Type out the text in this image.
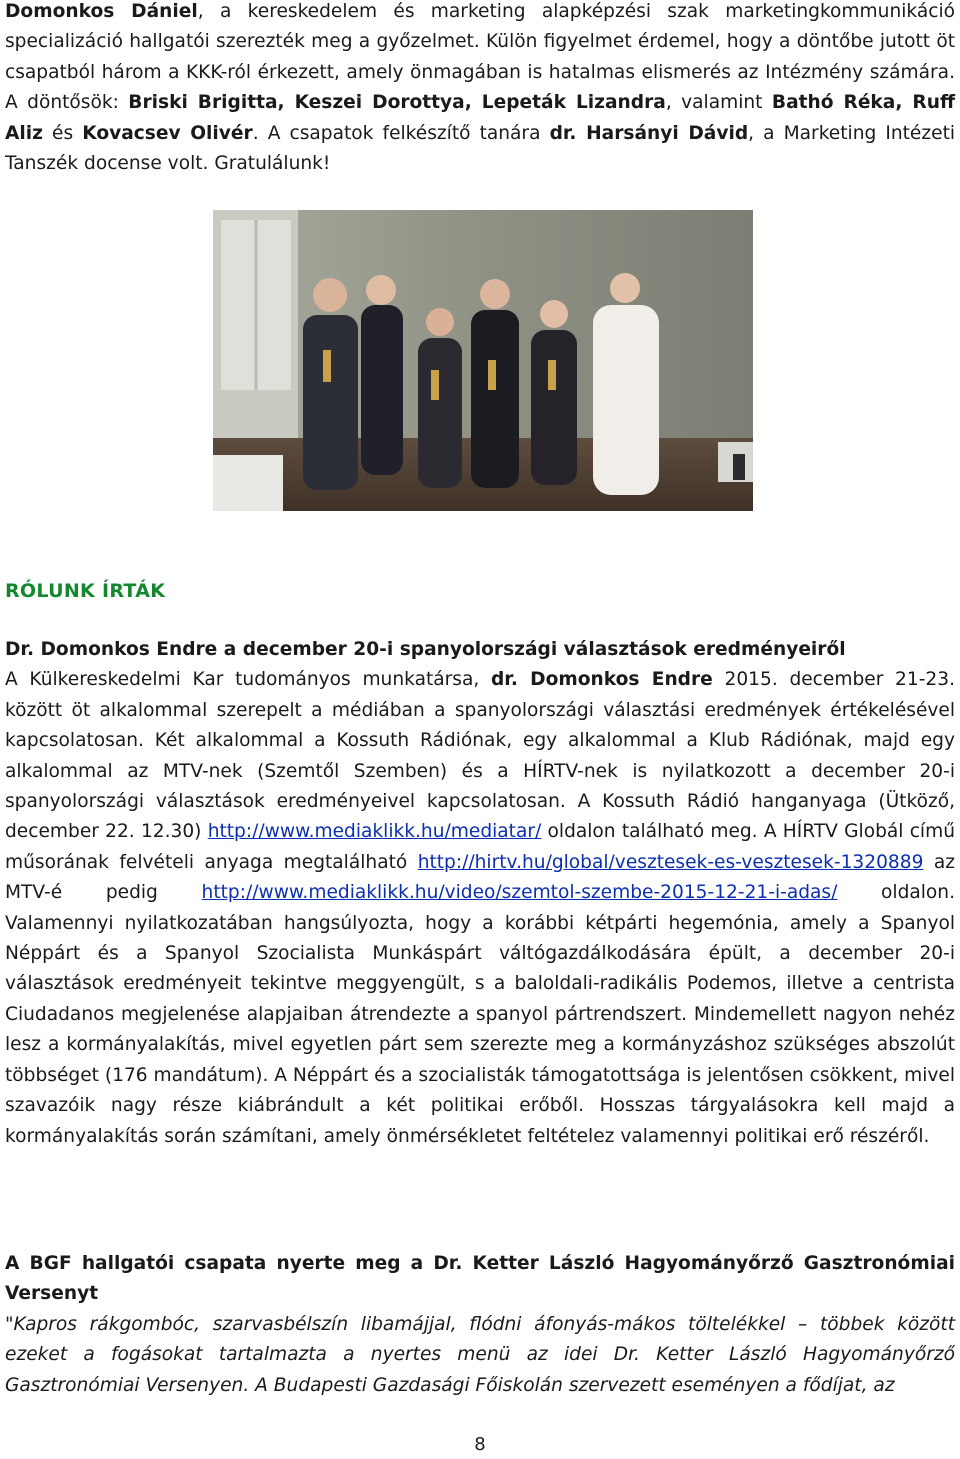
Domonkos Dániel, a kereskedelem és marketing alapképzési szak marketingkommunikáció specializáció hallgatói szerezték meg a győzelmet. Külön figyelmet érdemel, hogy a döntőbe jutott öt csapatból három a KKK-ról érkezett, amely önmagában is hatalmas elismerés az Intézmény számára. A döntősök: Briski Brigitta, Keszei Dorottya, Lepeták Lizandra, valamint Bathó Réka, Ruff Aliz és Kovacsev Olivér. A csapatok felkészítő tanára dr. Harsányi Dávid, a Marketing Intézeti Tanszék docense volt. Gratulálunk!

RÓLUNK ÍRTÁK

Dr. Domonkos Endre a december 20-i spanyolországi választások eredményeiről
A Külkereskedelmi Kar tudományos munkatársa, dr. Domonkos Endre 2015. december 21-23. között öt alkalommal szerepelt a médiában a spanyolországi választási eredmények értékelésével kapcsolatosan. Két alkalommal a Kossuth Rádiónak, egy alkalommal a Klub Rádiónak, majd egy alkalommal az MTV-nek (Szemtől Szemben) és a HÍRTV-nek is nyilatkozott a december 20-i spanyolországi választások eredményeivel kapcsolatosan. A Kossuth Rádió hanganyaga (Ütköző, december 22. 12.30) http://www.mediaklikk.hu/mediatar/ oldalon található meg. A HÍRTV Globál című műsorának felvételi anyaga megtalálható http://hirtv.hu/global/vesztesek-es-vesztesek-1320889 az MTV-é pedig http://www.mediaklikk.hu/video/szemtol-szembe-2015-12-21-i-adas/ oldalon. Valamennyi nyilatkozatában hangsúlyozta, hogy a korábbi kétpárti hegemónia, amely a Spanyol Néppárt és a Spanyol Szocialista Munkáspárt váltógazdálkodására épült, a december 20-i választások eredményeit tekintve meggyengült, s a baloldali-radikális Podemos, illetve a centrista Ciudadanos megjelenése alapjaiban átrendezte a spanyol pártrendszert. Mindemellett nagyon nehéz lesz a kormányalakítás, mivel egyetlen párt sem szerezte meg a kormányzáshoz szükséges abszolút többséget (176 mandátum). A Néppárt és a szocialisták támogatottsága is jelentősen csökkent, mivel szavazóik nagy része kiábrándult a két politikai erőből. Hosszas tárgyalásokra kell majd a kormányalakítás során számítani, amely önmérsékletet feltételez valamennyi politikai erő részéről.

A BGF hallgatói csapata nyerte meg a Dr. Ketter László Hagyományőrző Gasztronómiai Versenyt
"Kapros rákgombóc, szarvasbélszín libamájjal, flódni áfonyás-mákos töltelékkel – többek között ezeket a fogásokat tartalmazta a nyertes menü az idei Dr. Ketter László Hagyományőrző Gasztronómiai Versenyen. A Budapesti Gazdasági Főiskolán szervezett eseményen a fődíjat, az

8
